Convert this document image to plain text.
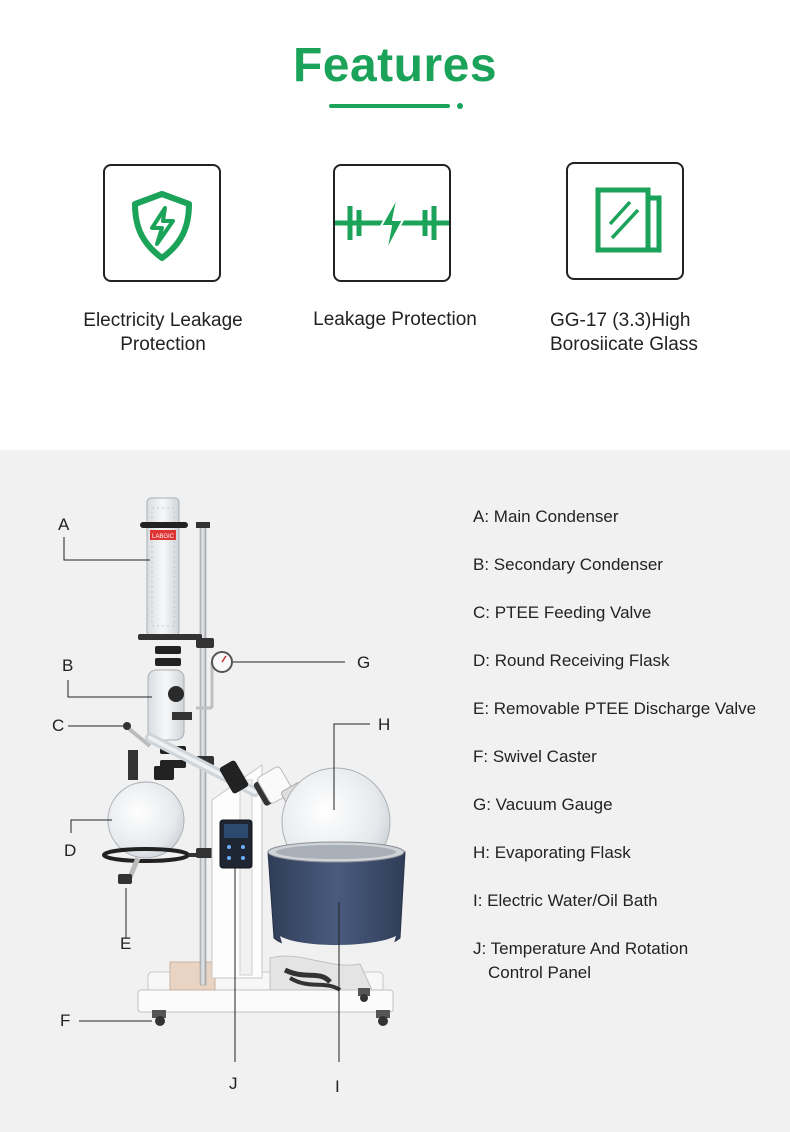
Features
Electricity Leakage
Protection
Leakage Protection	GG-17 (3.3)High
Borosiicate Glass
LABGIC
A
B
C
D
E
F
G
H
I
J
A: Main Condenser
B: Secondary Condenser
C: PTEE Feeding Valve
D: Round Receiving Flask
E: Removable PTEE Discharge Valve
F: Swivel Caster
G: Vacuum Gauge
H: Evaporating Flask
I: Electric Water/Oil Bath
J: Temperature And Rotation
Control Panel
